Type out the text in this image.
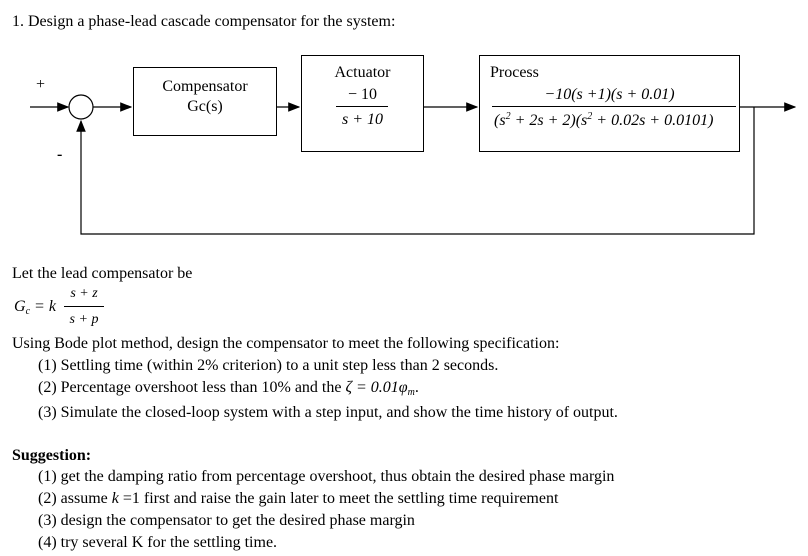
1. Design a phase-lead cascade compensator for the system:
+
-
Compensator
Gc(s)
Actuator
− 10
s + 10
Process
−10(s +1)(s + 0.01)
$(s^2 + 2s + 2)(s^2 + 0.02s + 0.0101)$
Let the lead compensator be
$G_c = k$
s + z
s + p
Using Bode plot method, design the compensator to meet the following specification:
(1) Settling time (within 2% criterion) to a unit step less than 2 seconds.
(2) Percentage overshoot less than 10% and the $\zeta = 0.01\varphi_m$.
(3) Simulate the closed-loop system with a step input, and show the time history of output.
Suggestion:
(1) get the damping ratio from percentage overshoot, thus obtain the desired phase margin
(2) assume k =1 first and raise the gain later to meet the settling time requirement
(3) design the compensator to get the desired phase margin
(4) try several K for the settling time.
